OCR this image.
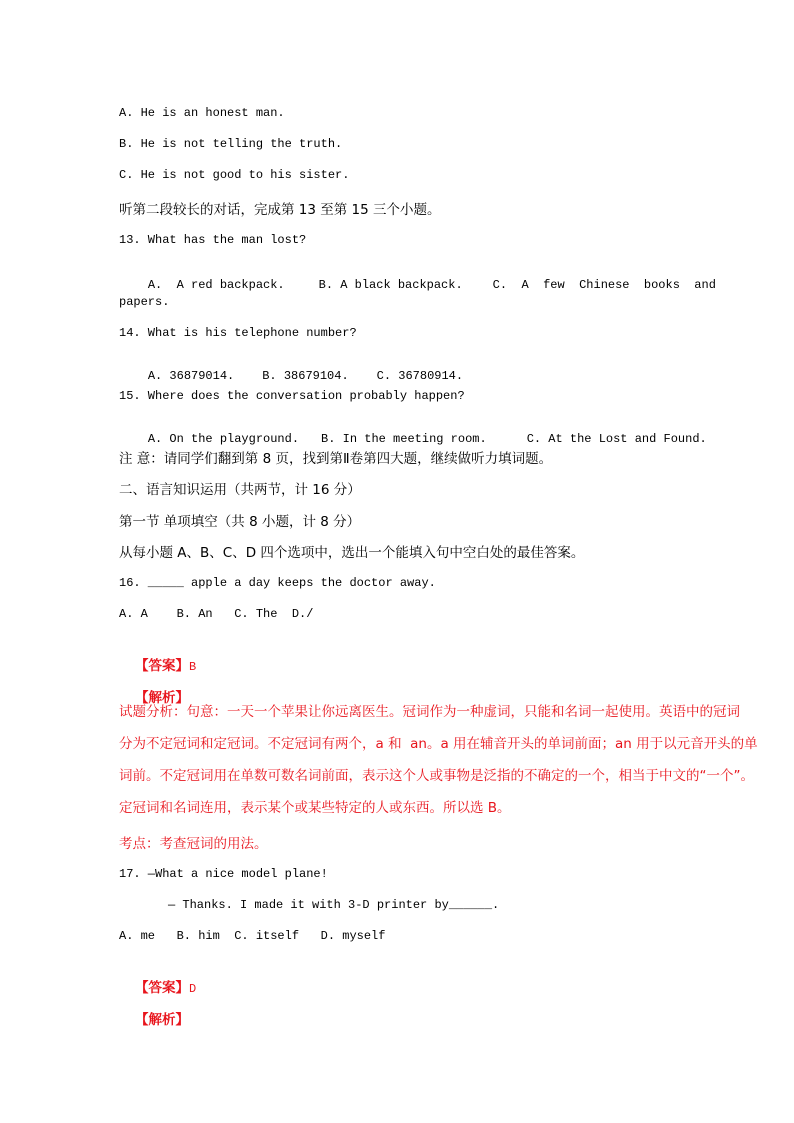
A. He is an honest man.
B. He is not telling the truth.
C. He is not good to his sister.
听第二段较长的对话，完成第 13 至第 15 三个小题。
13. What has the man lost?

A.  A red backpack.	B. A black backpack.	C.  A  few  Chinese  books  and

papers.
14. What is his telephone number?

A. 36879014. B. 38679104. C. 36780914.

15. Where does the conversation probably happen?

A. On the playground. B. In the meeting room.	C. At the Lost and Found.

注 意：请同学们翻到第 8 页，找到第Ⅱ卷第四大题，继续做听力填词题。
二、语言知识运用（共两节，计 16 分）
第一节 单项填空（共 8 小题，计 8 分）
从每小题 A、B、C、D 四个选项中，选出一个能填入句中空白处的最佳答案。
16. _____ apple a day keeps the doctor away.
A. A    B. An   C. The  D./

【答案】B

【解析】

试题分析：句意：一天一个苹果让你远离医生。冠词作为一种虚词，只能和名词一起使用。英语中的冠词
分为不定冠词和定冠词。不定冠词有两个，a 和  an。a 用在辅音开头的单词前面；an 用于以元音开头的单
词前。不定冠词用在单数可数名词前面，表示这个人或事物是泛指的不确定的一个，相当于中文的“一个”。
定冠词和名词连用，表示某个或某些特定的人或东西。所以选 B。
考点：考查冠词的用法。
17. —What a nice model plane!
— Thanks. I made it with 3-D printer by______.
A. me   B. him  C. itself   D. myself

【答案】D

【解析】
